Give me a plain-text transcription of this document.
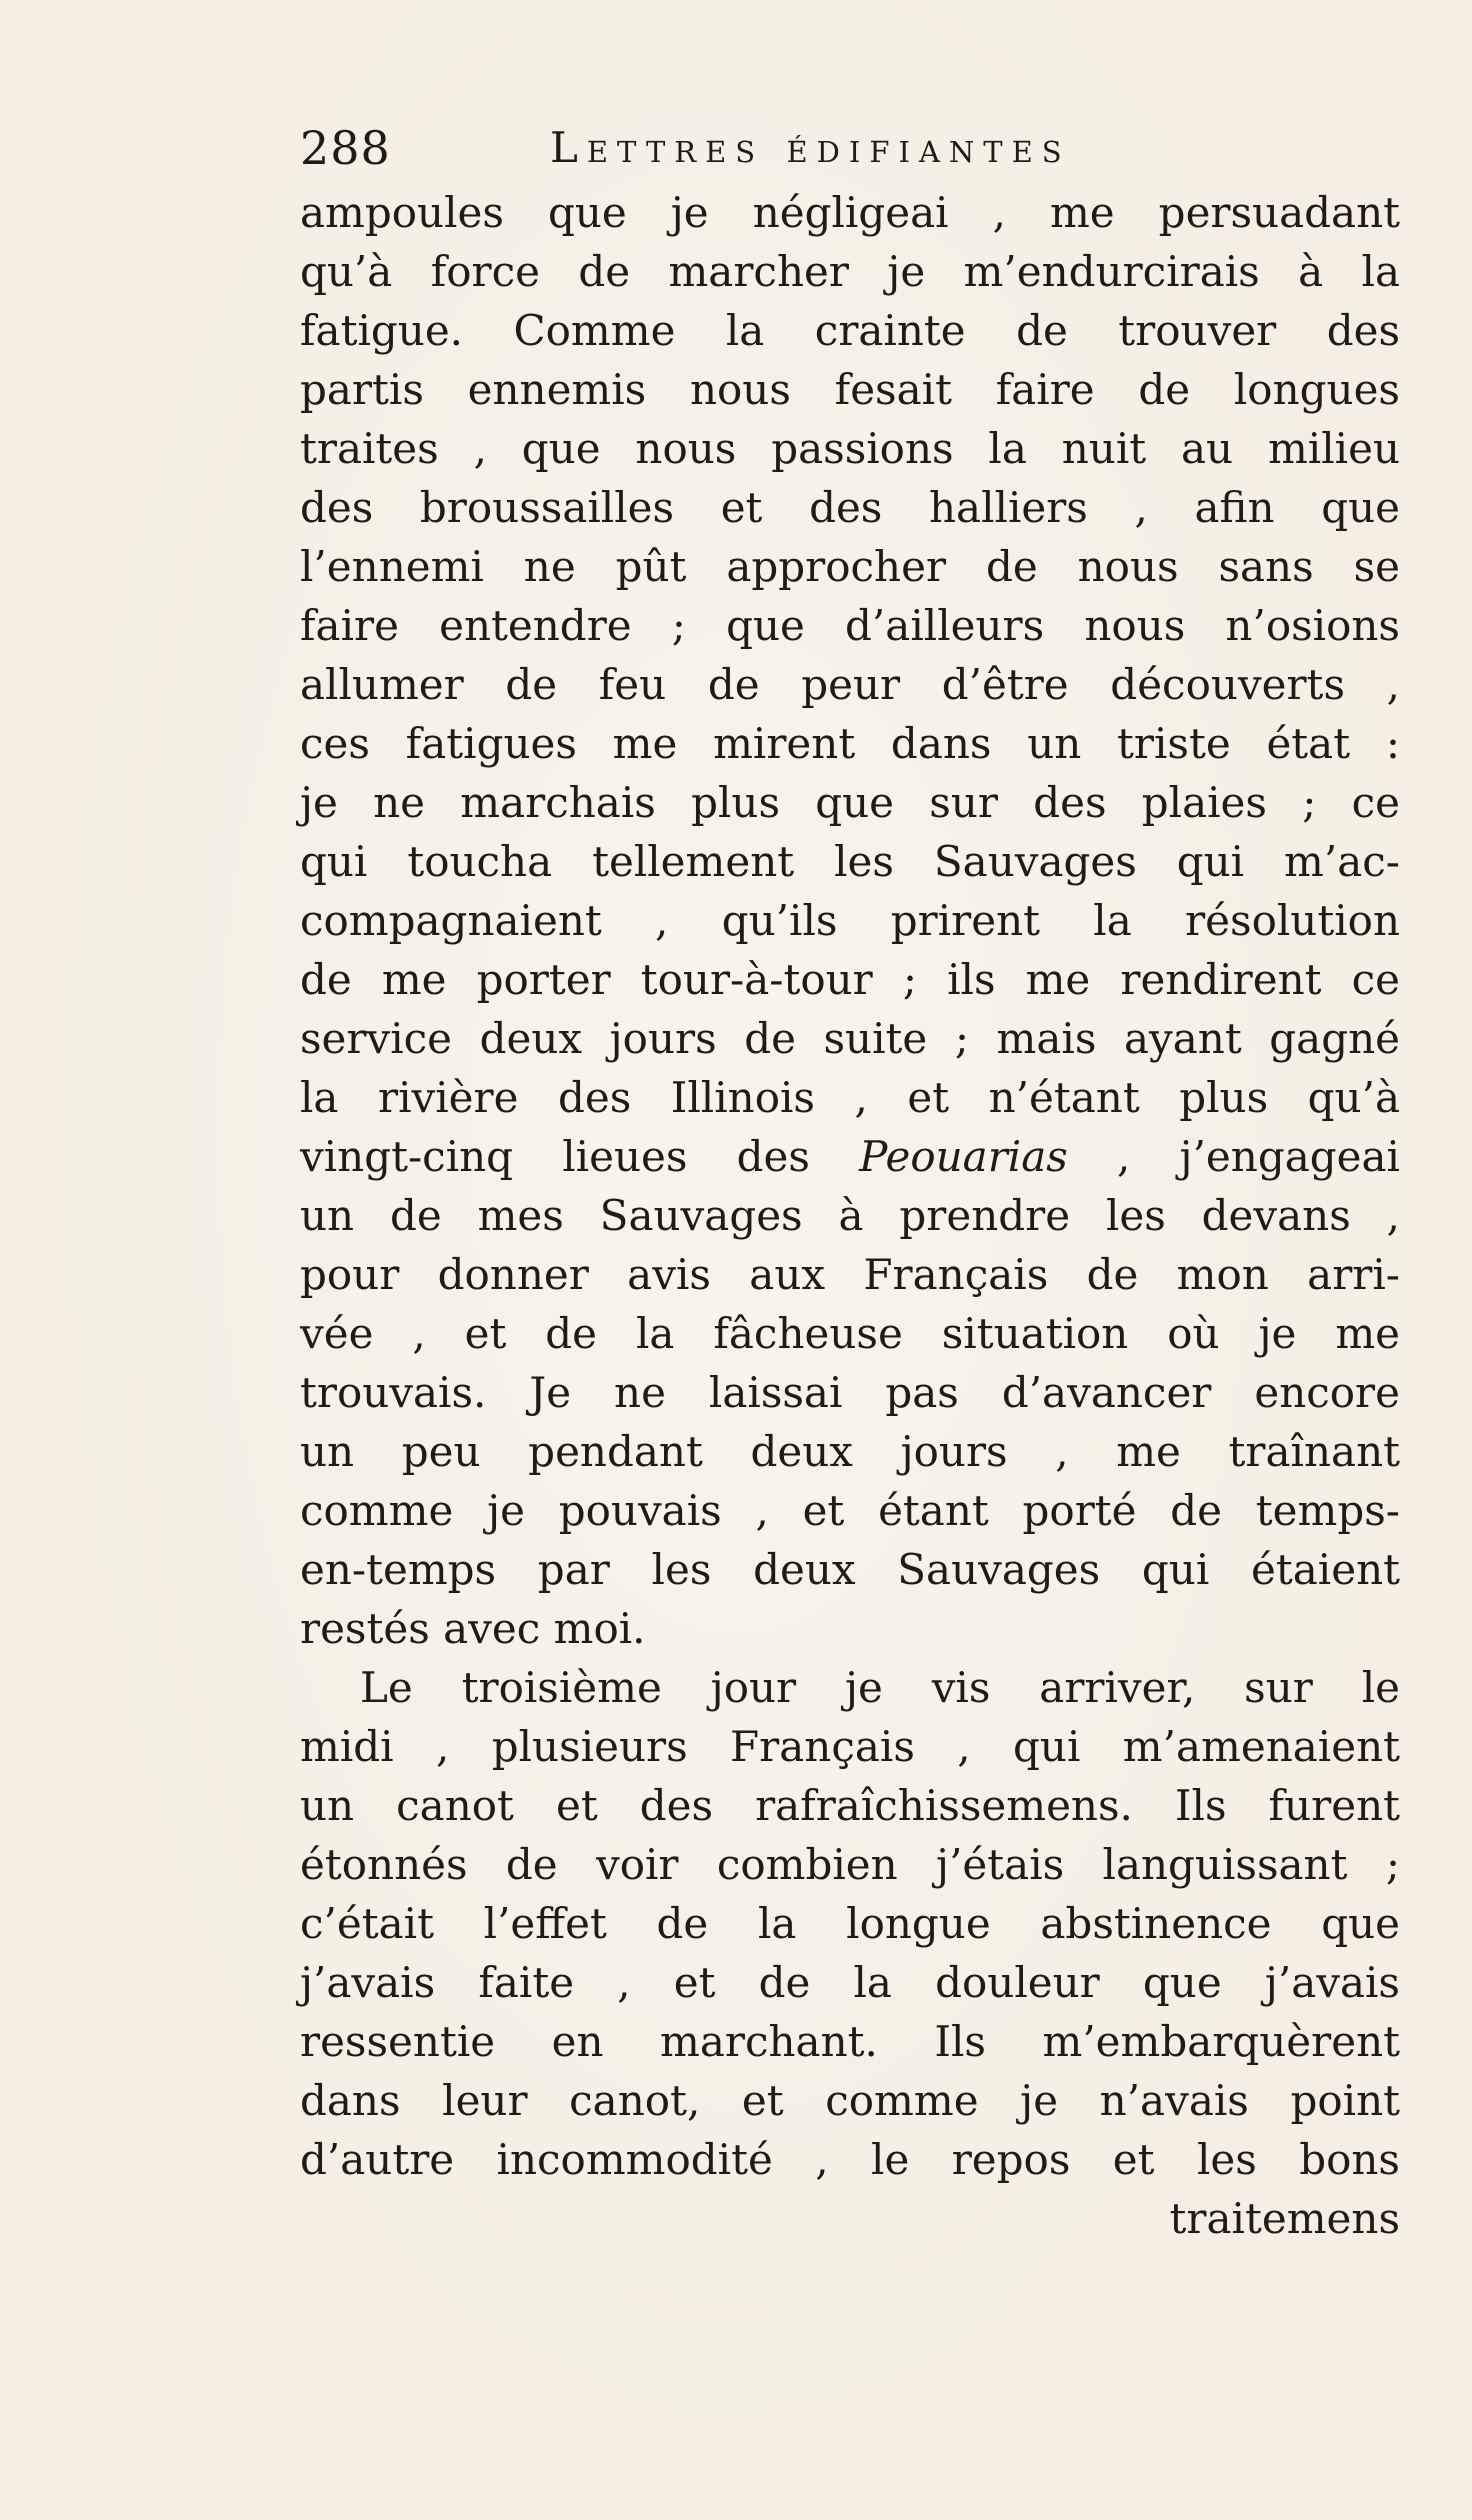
288	Lettres édifiantes
ampoules que je négligeai , me persuadant
qu’à force de marcher je m’endurcirais à la
fatigue. Comme la crainte de trouver des
partis ennemis nous fesait faire de longues
traites , que nous passions la nuit au milieu
des broussailles et des halliers , afin que
l’ennemi ne pût approcher de nous sans se
faire entendre ; que d’ailleurs nous n’osions
allumer de feu de peur d’être découverts ,
ces fatigues me mirent dans un triste état :
je ne marchais plus que sur des plaies ; ce
qui toucha tellement les Sauvages qui m’ac-
compagnaient , qu’ils prirent la résolution
de me porter tour-à-tour ; ils me rendirent ce
service deux jours de suite ; mais ayant gagné
la rivière des Illinois , et n’étant plus qu’à
vingt-cinq lieues des Peouarias , j’engageai
un de mes Sauvages à prendre les devans ,
pour donner avis aux Français de mon arri-
vée , et de la fâcheuse situation où je me
trouvais. Je ne laissai pas d’avancer encore
un peu pendant deux jours , me traînant
comme je pouvais , et étant porté de temps-
en-temps par les deux Sauvages qui étaient
restés avec moi.
Le troisième jour je vis arriver, sur le
midi , plusieurs Français , qui m’amenaient
un canot et des rafraîchissemens. Ils furent
étonnés de voir combien j’étais languissant ;
c’était l’effet de la longue abstinence que
j’avais faite , et de la douleur que j’avais
ressentie en marchant. Ils m’embarquèrent
dans leur canot, et comme je n’avais point
d’autre incommodité , le repos et les bons
traitemens
